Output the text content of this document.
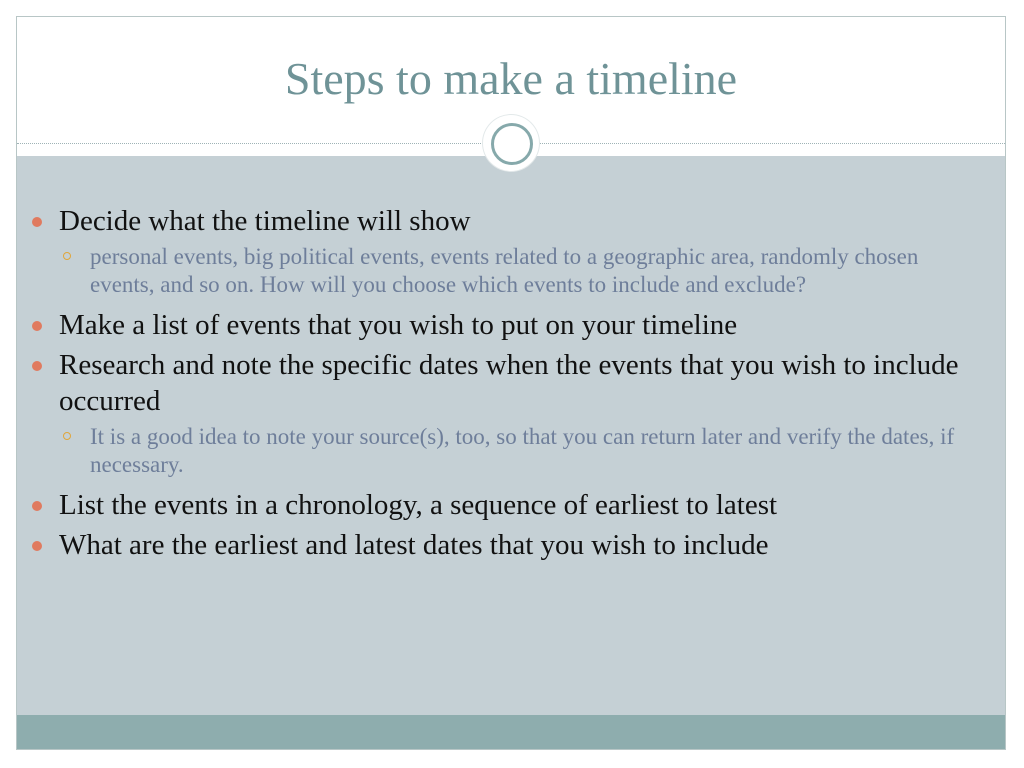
Steps to make a timeline
Decide what the timeline will show
personal events, big political events, events related to a geographic area, randomly chosen events, and so on. How will you choose which events to include and exclude?
Make a list of events that you wish to put on your timeline
Research and note the specific dates when the events that you wish to include occurred
It is a good idea to note your source(s), too, so that you can return later and verify the dates, if necessary.
List the events in a chronology, a sequence of earliest to latest
What are the earliest and latest dates that you wish to include
